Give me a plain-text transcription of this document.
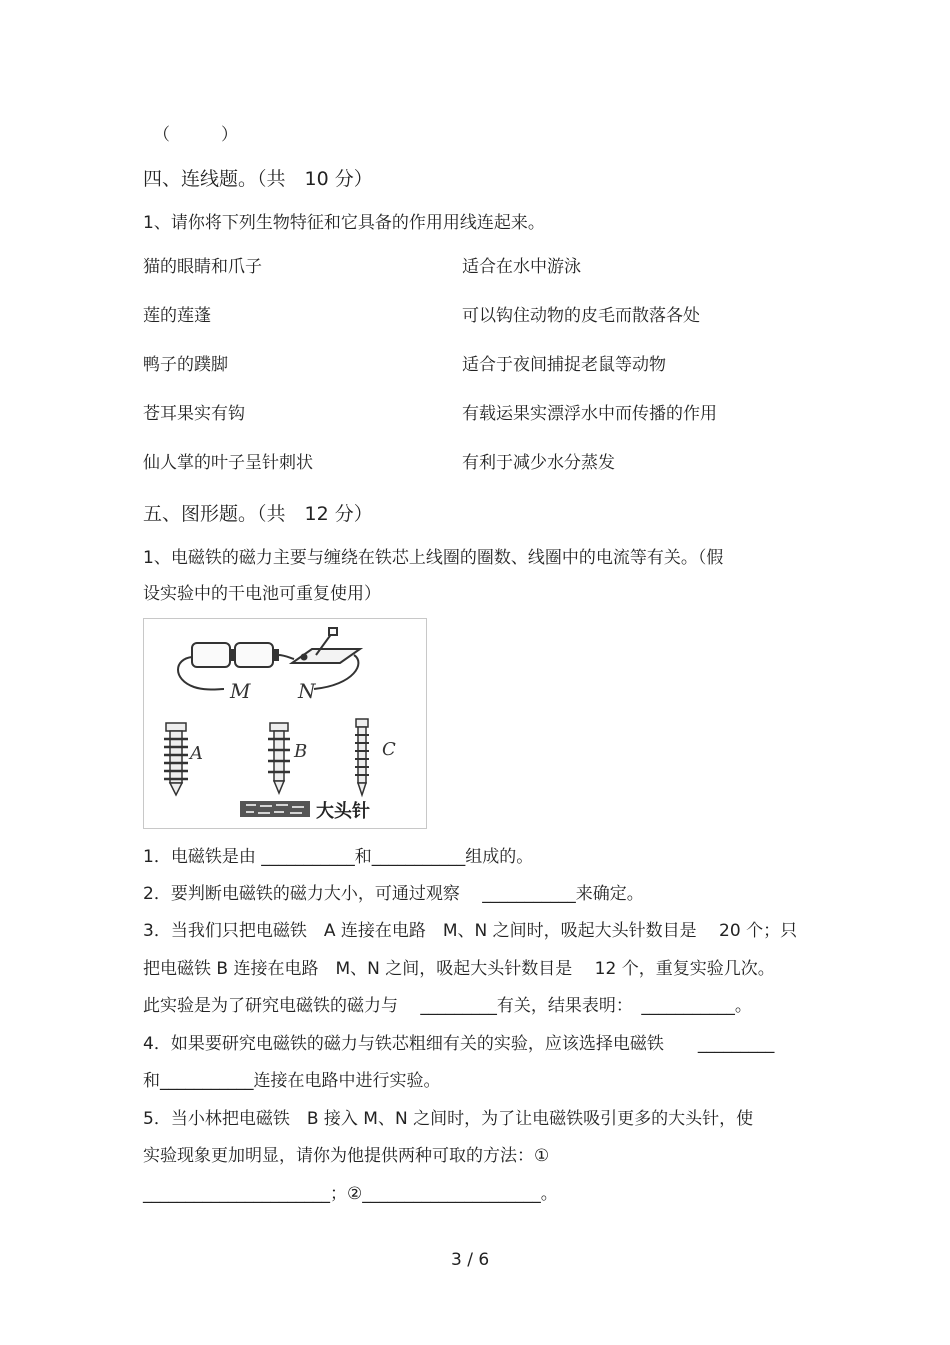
（　　　）
四、连线题。（共　10 分）
1、请你将下列生物特征和它具备的作用用线连起来。
猫的眼睛和爪子
莲的莲蓬
鸭子的蹼脚
苍耳果实有钩
仙人掌的叶子呈针刺状
适合在水中游泳
可以钩住动物的皮毛而散落各处
适合于夜间捕捉老鼠等动物
有载运果实漂浮水中而传播的作用
有利于减少水分蒸发
五、图形题。（共　12 分）
1、电磁铁的磁力主要与缠绕在铁芯上线圈的圈数、线圈中的电流等有关。（假
设实验中的干电池可重复使用）
M N
A	B	C
大头针
1．电磁铁是由 ___________和___________组成的。
2．要判断电磁铁的磁力大小，可通过观察　 ___________来确定。
3．当我们只把电磁铁　A 连接在电路　M、N 之间时，吸起大头针数目是　 20 个；只
把电磁铁 B 连接在电路　M、N 之间，吸起大头针数目是　 12 个，重复实验几次。
此实验是为了研究电磁铁的磁力与　 _________有关，结果表明：　___________。
4．如果要研究电磁铁的磁力与铁芯粗细有关的实验，应该选择电磁铁　　_________
和___________连接在电路中进行实验。
5．当小林把电磁铁　B 接入 M、N 之间时，为了让电磁铁吸引更多的大头针，使
实验现象更加明显，请你为他提供两种可取的方法：①
______________________；②_____________________。
3 / 6
